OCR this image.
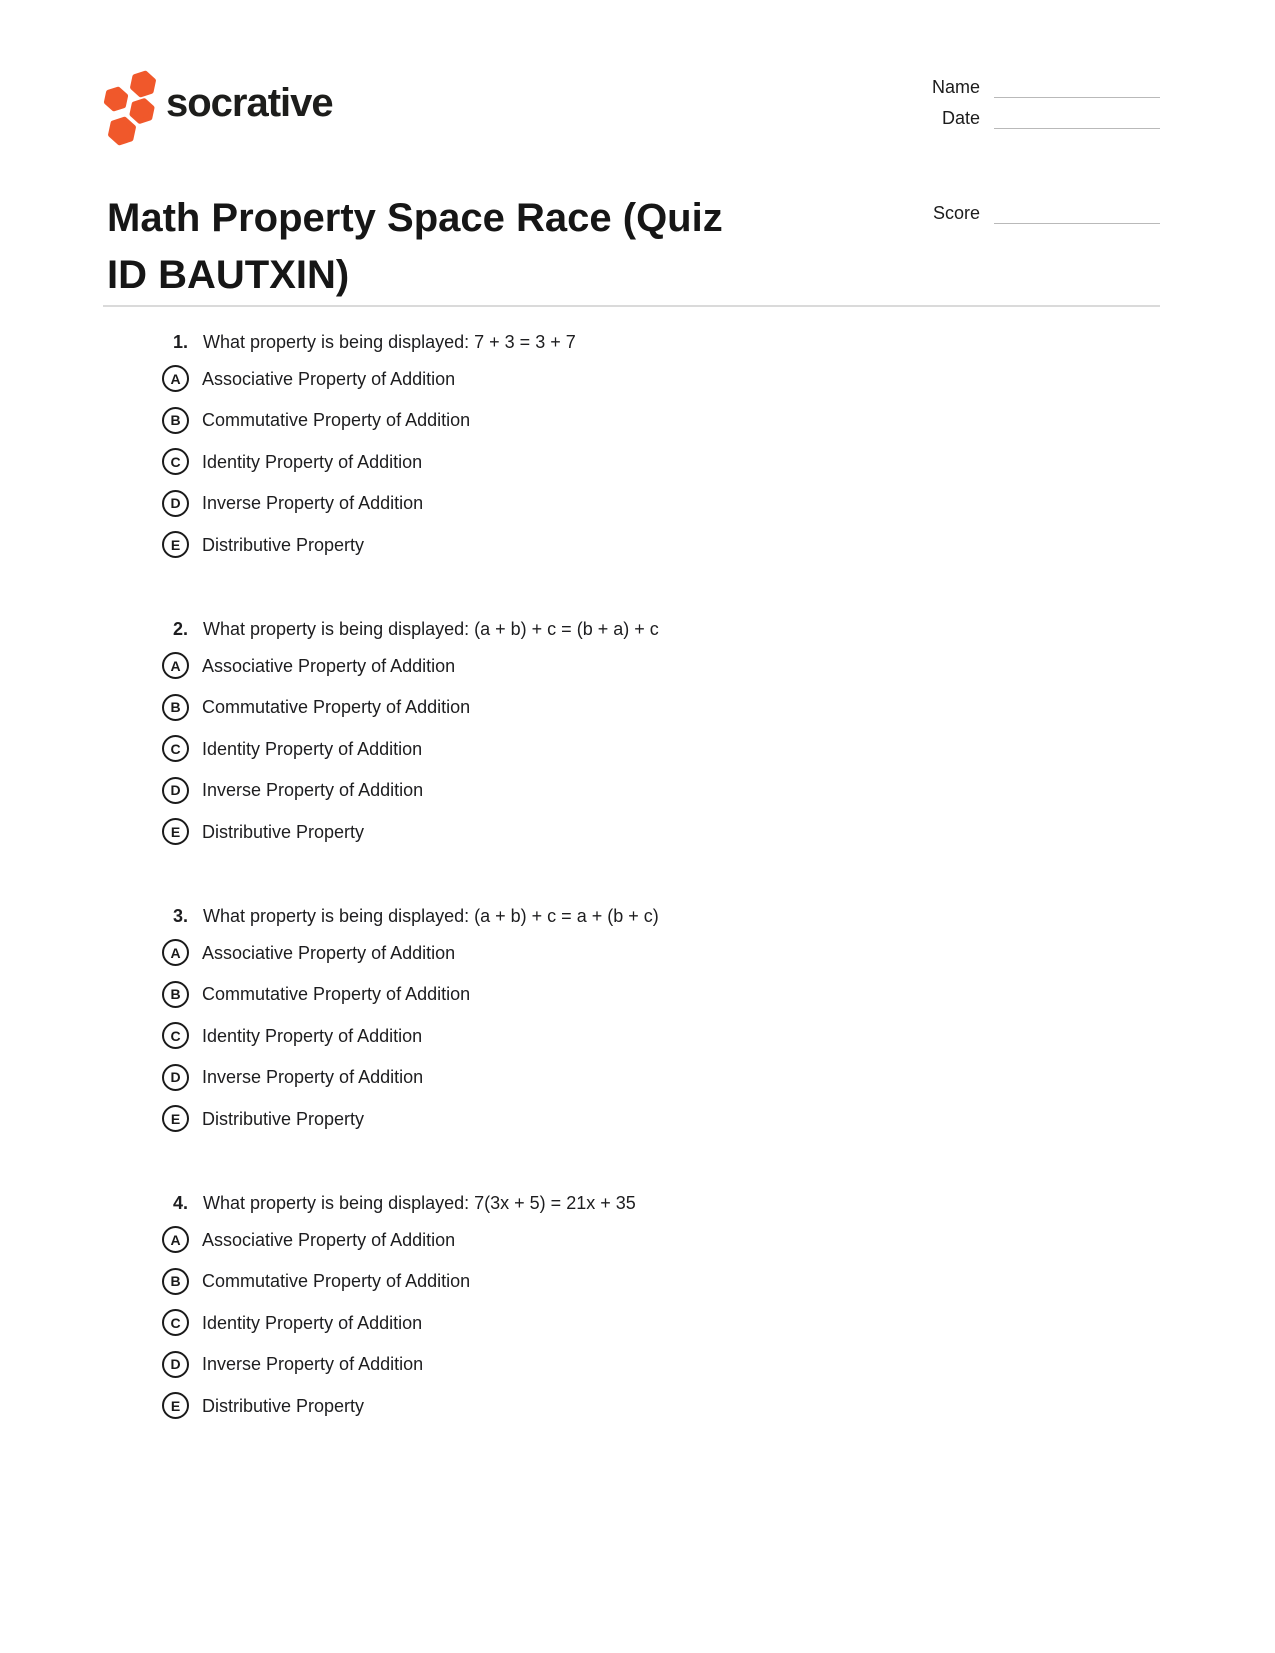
socrative	Name
Date
Math Property Space Race (Quiz
ID BAUTXIN)
Score
1. What property is being displayed: 7 + 3 = 3 + 7
A Associative Property of Addition
B Commutative Property of Addition
C Identity Property of Addition
D Inverse Property of Addition
E Distributive Property
2. What property is being displayed: (a + b) + c = (b + a) + c
A Associative Property of Addition
B Commutative Property of Addition
C Identity Property of Addition
D Inverse Property of Addition
E Distributive Property
3. What property is being displayed: (a + b) + c = a + (b + c)
A Associative Property of Addition
B Commutative Property of Addition
C Identity Property of Addition
D Inverse Property of Addition
E Distributive Property
4. What property is being displayed: 7(3x + 5) = 21x + 35
A Associative Property of Addition
B Commutative Property of Addition
C Identity Property of Addition
D Inverse Property of Addition
E Distributive Property
